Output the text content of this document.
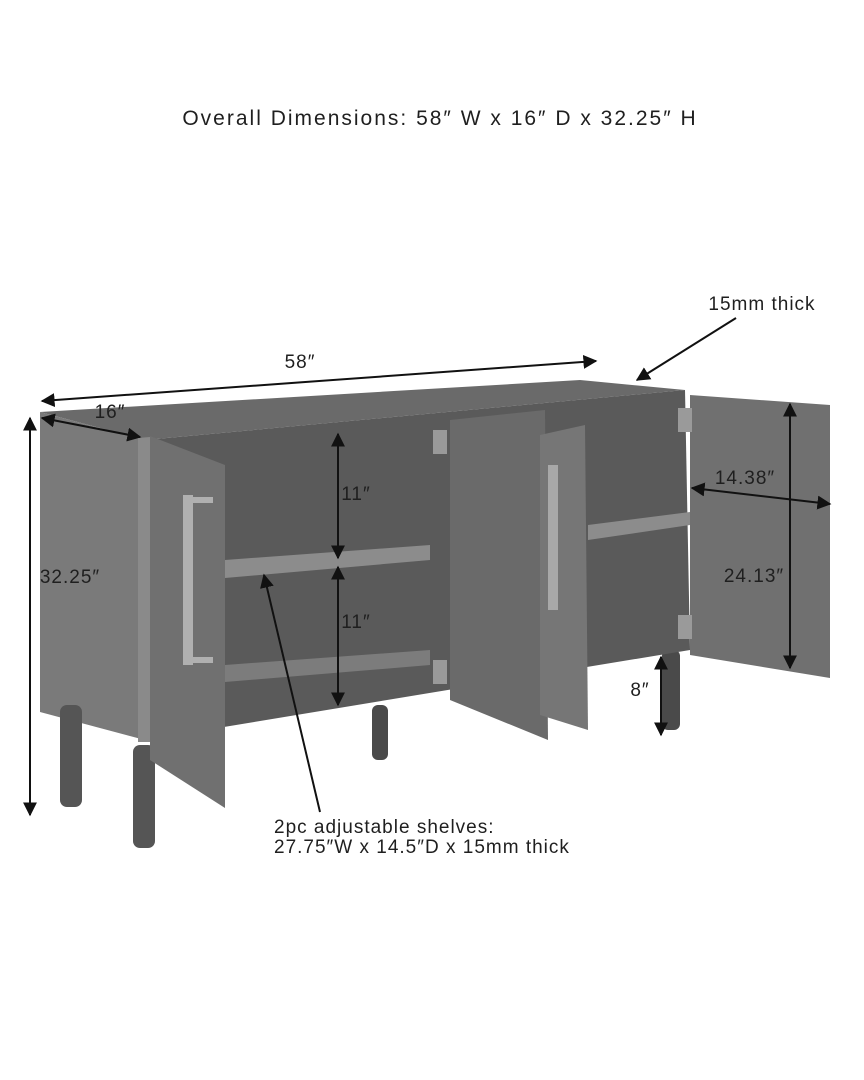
Overall Dimensions: 58″ W x 16″ D x 32.25″ H
58″
16″
32.25″
11″
11″
14.38″
24.13″
8″
15mm thick
2pc adjustable shelves:
27.75″W x 14.5″D x 15mm thick
